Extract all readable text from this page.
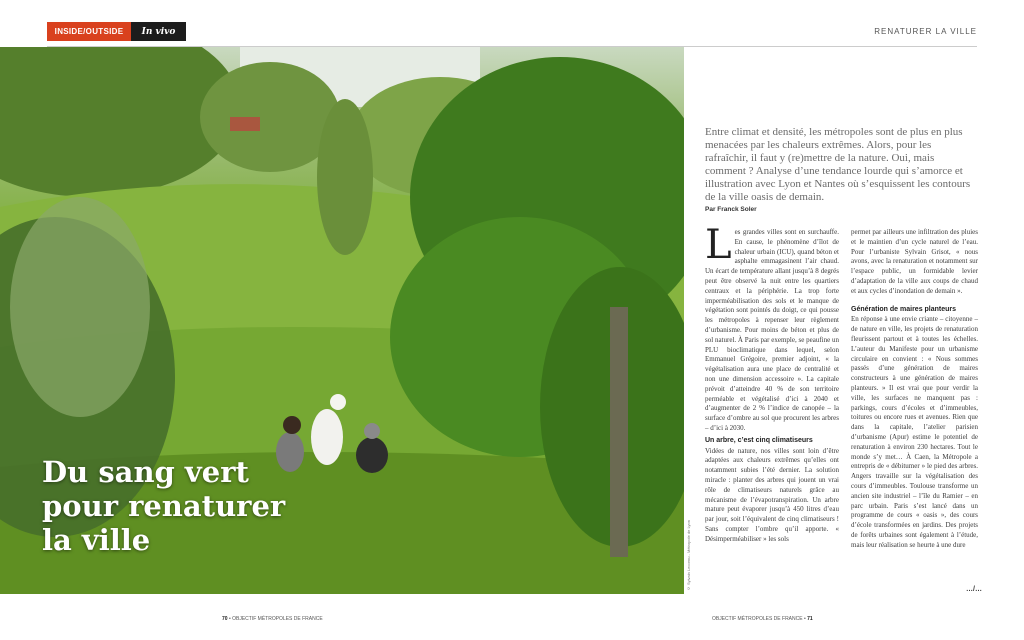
INSIDE/OUTSIDE	In vivo	RENATURER LA VILLE
Du sang vert
pour renaturer
la ville	© Sylvain Lecornu - Métropole de Lyon
Entre climat et densité, les métropoles sont de plus en plus menacées par les chaleurs extrêmes. Alors, pour les rafraîchir, il faut y (re)mettre de la nature. Oui, mais comment ? Analyse d’une tendance lourde qui s’amorce et illustration avec Lyon et Nantes où s’esquissent les contours de la ville oasis de demain.
Par Franck Soler
L es grandes villes sont en surchauffe. En cause, le phénomène d’îlot de chaleur urbain (ICU), quand béton et asphalte emmagasinent l’air chaud. Un écart de température allant jusqu’à 8 degrés peut être observé la nuit entre les quartiers centraux et la périphérie. La trop forte imperméabilisation des sols et le manque de végétation sont pointés du doigt, ce qui pousse les métropoles à repenser leur règlement d’urbanisme. Pour moins de béton et plus de sol naturel. À Paris par exemple, se peaufine un PLU bioclimatique dans lequel, selon Emmanuel Grégoire, premier adjoint, « la végétalisation aura une place de centralité et non une dimension accessoire ». La capitale prévoit d’atteindre 40 % de son territoire perméable et végétalisé d’ici à 2040 et d’augmenter de 2 % l’indice de canopée – la surface d’ombre au sol que procurent les arbres – d’ici à 2030.

Un arbre, c’est cinq climatiseurs

Vidées de nature, nos villes sont loin d’être adaptées aux chaleurs extrêmes qu’elles ont notamment subies l’été dernier. La solution miracle : planter des arbres qui jouent un vrai rôle de climatiseurs naturels grâce au mécanisme de l’évapotranspiration. Un arbre mature peut évaporer jusqu’à 450 litres d’eau par jour, soit l’équivalent de cinq climatiseurs ! Sans compter l’ombre qu’il apporte. « Désimperméabiliser » les sols

permet par ailleurs une infiltration des pluies et le maintien d’un cycle naturel de l’eau. Pour l’urbaniste Sylvain Grisot, « nous avons, avec la renaturation et notamment sur l’espace public, un formidable levier d’adaptation de la ville aux coups de chaud et aux cycles d’inondation de demain ».

Génération de maires planteurs

En réponse à une envie criante – citoyenne – de nature en ville, les projets de renaturation fleurissent partout et à toutes les échelles. L’auteur du Manifeste pour un urbanisme circulaire en convient : « Nous sommes passés d’une génération de maires constructeurs à une génération de maires planteurs. » Il est vrai que pour verdir la ville, les surfaces ne manquent pas : parkings, cours d’écoles et d’immeubles, toitures ou encore rues et avenues. Rien que dans la capitale, l’atelier parisien d’urbanisme (Apur) estime le potentiel de renaturation à environ 230 hectares. Tout le monde s’y met… À Caen, la Métropole a entrepris de « débitumer » le pied des arbres. Angers travaille sur la végétalisation des cours d’immeubles. Toulouse transforme un ancien site industriel – l’île du Ramier – en parc urbain. Paris s’est lancé dans un programme de cours « oasis », des cours d’école transformées en jardins. Des projets de forêts urbaines sont également à l’étude, mais leur réalisation se heurte à une dure

…/…
70 • OBJECTIF MÉTROPOLES DE FRANCE	OBJECTIF MÉTROPOLES DE FRANCE • 71
